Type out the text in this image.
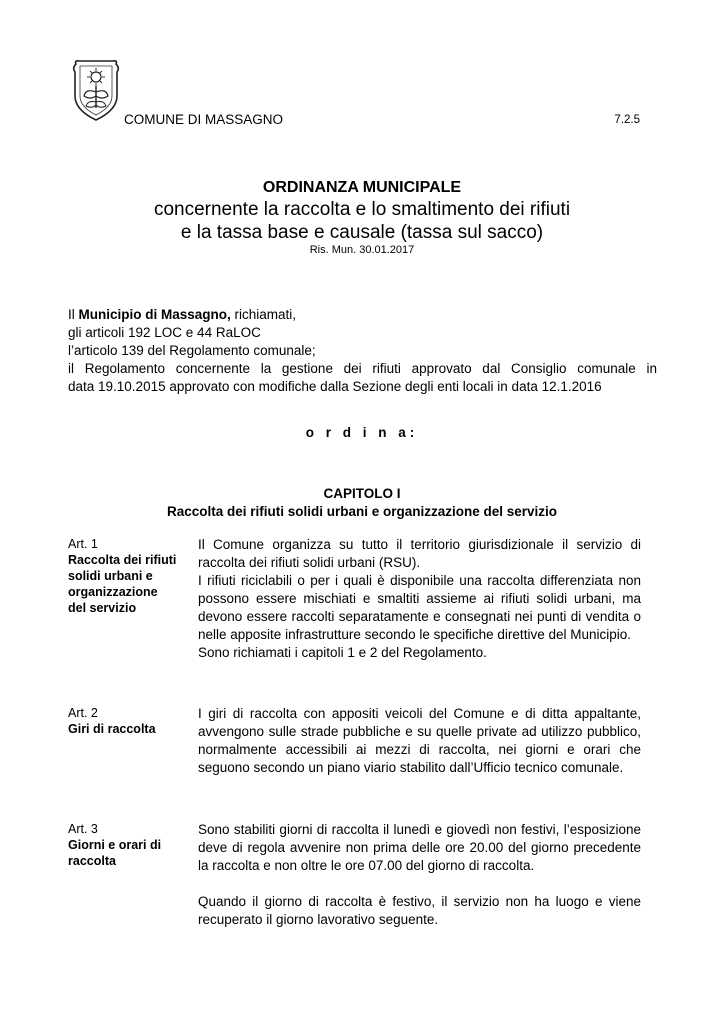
COMUNE DI MASSAGNO	7.2.5
ORDINANZA MUNICIPALE
concernente la raccolta e lo smaltimento dei rifiuti
e la tassa base e causale (tassa sul sacco)
Ris. Mun. 30.01.2017
Il Municipio di Massagno, richiamati,
gli articoli 192 LOC e 44 RaLOC
l’articolo 139 del Regolamento comunale;
il Regolamento concernente la gestione dei rifiuti approvato dal Consiglio comunale in
data 19.10.2015 approvato con modifiche dalla Sezione degli enti locali in data 12.1.2016
o r d i n a:
CAPITOLO I
Raccolta dei rifiuti solidi urbani e organizzazione del servizio
Art. 1
Raccolta dei rifiuti solidi urbani e organizzazione del servizio

Il Comune organizza su tutto il territorio giurisdizionale il servizio di raccolta dei rifiuti solidi urbani (RSU).

I rifiuti riciclabili o per i quali è disponibile una raccolta differenziata non possono essere mischiati e smaltiti assieme ai rifiuti solidi urbani, ma devono essere raccolti separatamente e consegnati nei punti di vendita o nelle apposite infrastrutture secondo le specifiche direttive del Municipio.

Sono richiamati i capitoli 1 e 2 del Regolamento.

Art. 2
Giri di raccolta

I giri di raccolta con appositi veicoli del Comune e di ditta appaltante, avvengono sulle strade pubbliche e su quelle private ad utilizzo pubblico, normalmente accessibili ai mezzi di raccolta, nei giorni e orari che seguono secondo un piano viario stabilito dall’Ufficio tecnico comunale.

Art. 3
Giorni e orari di raccolta

Sono stabiliti giorni di raccolta il lunedì e giovedì non festivi, l’esposizione deve di regola avvenire non prima delle ore 20.00 del giorno precedente la raccolta e non oltre le ore 07.00 del giorno di raccolta.

Quando il giorno di raccolta è festivo, il servizio non ha luogo e viene recuperato il giorno lavorativo seguente.
